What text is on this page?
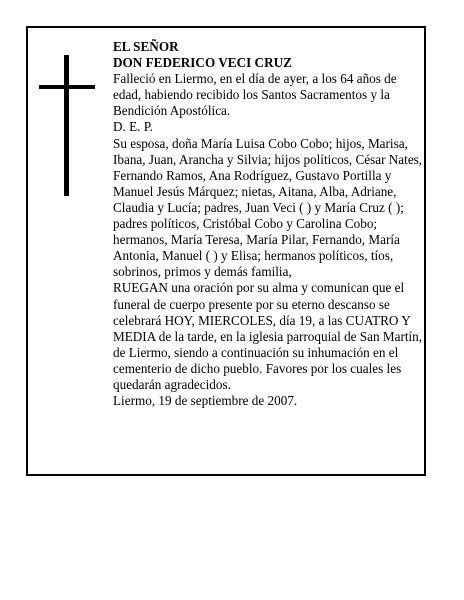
EL SEÑOR
DON FEDERICO VECI CRUZ
Falleció en Liermo, en el día de ayer, a los 64 años de edad, habiendo recibido los Santos Sacramentos y la Bendición Apostólica.
D. E. P.
Su esposa, doña María Luisa Cobo Cobo; hijos, Marisa, Ibana, Juan, Arancha y Silvia; hijos políticos, César Nates, Fernando Ramos, Ana Rodríguez, Gustavo Portilla y Manuel Jesús Márquez; nietas, Aitana, Alba, Adriane, Claudia y Lucía; padres, Juan Veci ( ) y María Cruz ( ); padres políticos, Cristóbal Cobo y Carolina Cobo; hermanos, María Teresa, María Pilar, Fernando, María Antonia, Manuel ( ) y Elisa; hermanos políticos, tíos, sobrinos, primos y demás familia,
RUEGAN una oración por su alma y comunican que el funeral de cuerpo presente por su eterno descanso se celebrará HOY, MIERCOLES, día 19, a las CUATRO Y MEDIA de la tarde, en la iglesia parroquial de San Martín, de Liermo, siendo a continuación su inhumación en el cementerio de dicho pueblo. Favores por los cuales les quedarán agradecidos.
Liermo, 19 de septiembre de 2007.
